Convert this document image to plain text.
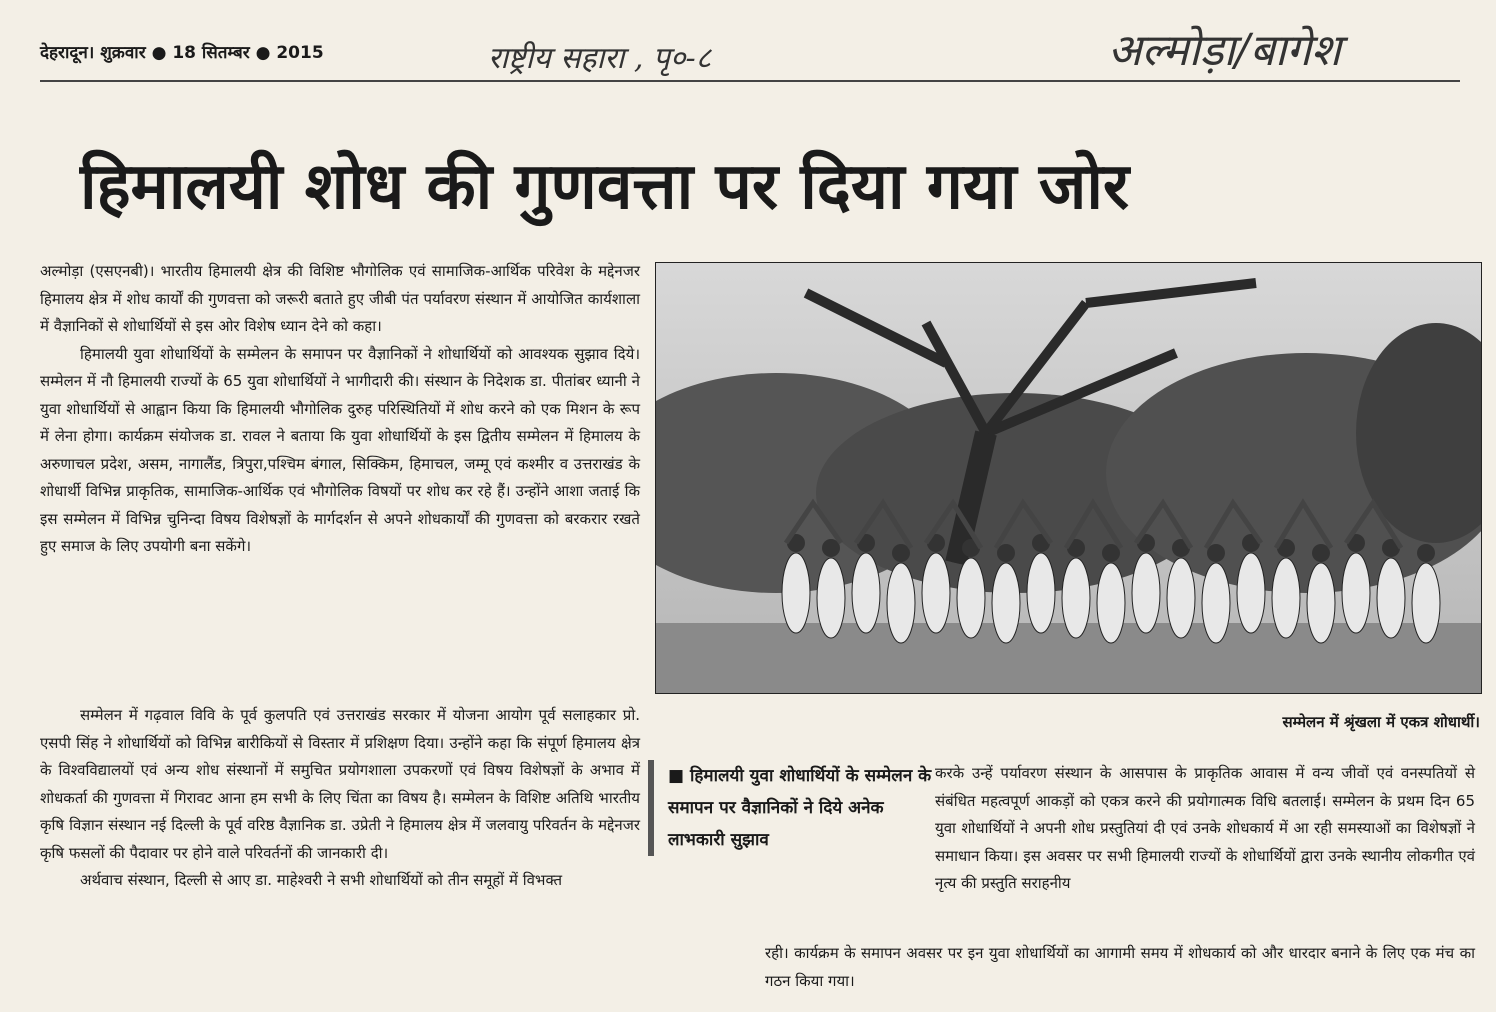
देहरादून। शुक्रवार ● 18 सितम्बर ● 2015	राष्ट्रीय सहारा , पृ०-८	अल्मोड़ा/बागेश
हिमालयी शोध की गुणवत्ता पर दिया गया जोर

अल्मोड़ा (एसएनबी)। भारतीय हिमालयी क्षेत्र की विशिष्ट भौगोलिक एवं सामाजिक-आर्थिक परिवेश के मद्देनजर हिमालय क्षेत्र में शोध कार्यों की गुणवत्ता को जरूरी बताते हुए जीबी पंत पर्यावरण संस्थान में आयोजित कार्यशाला में वैज्ञानिकों से शोधार्थियों से इस ओर विशेष ध्यान देने को कहा।

हिमालयी युवा शोधार्थियों के सम्मेलन के समापन पर वैज्ञानिकों ने शोधार्थियों को आवश्यक सुझाव दिये। सम्मेलन में नौ हिमालयी राज्यों के 65 युवा शोधार्थियों ने भागीदारी की। संस्थान के निदेशक डा. पीतांबर ध्यानी ने युवा शोधार्थियों से आह्वान किया कि हिमालयी भौगोलिक दुरुह परिस्थितियों में शोध करने को एक मिशन के रूप में लेना होगा। कार्यक्रम संयोजक डा. रावल ने बताया कि युवा शोधार्थियों के इस द्वितीय सम्मेलन में हिमालय के अरुणाचल प्रदेश, असम, नागालैंड, त्रिपुरा,पश्चिम बंगाल, सिक्किम, हिमाचल, जम्मू एवं कश्मीर व उत्तराखंड के शोधार्थी विभिन्न प्राकृतिक, सामाजिक-आर्थिक एवं भौगोलिक विषयों पर शोध कर रहे हैं। उन्होंने आशा जताई कि इस सम्मेलन में विभिन्न चुनिन्दा विषय विशेषज्ञों के मार्गदर्शन से अपने शोधकार्यों की गुणवत्ता को बरकरार रखते हुए समाज के लिए उपयोगी बना सकेंगे।

सम्मेलन में श्रृंखला में एकत्र शोधार्थी।

सम्मेलन में गढ़वाल विवि के पूर्व कुलपति एवं उत्तराखंड सरकार में योजना आयोग पूर्व सलाहकार प्रो. एसपी सिंह ने शोधार्थियों को विभिन्न बारीकियों से विस्तार में प्रशिक्षण दिया। उन्होंने कहा कि संपूर्ण हिमालय क्षेत्र के विश्वविद्यालयों एवं अन्य शोध संस्थानों में समुचित प्रयोगशाला उपकरणों एवं विषय विशेषज्ञों के अभाव में शोधकर्ता की गुणवत्ता में गिरावट आना हम सभी के लिए चिंता का विषय है। सम्मेलन के विशिष्ट अतिथि भारतीय कृषि विज्ञान संस्थान नई दिल्ली के पूर्व वरिष्ठ वैज्ञानिक डा. उप्रेती ने हिमालय क्षेत्र में जलवायु परिवर्तन के मद्देनजर कृषि फसलों की पैदावार पर होने वाले परिवर्तनों की जानकारी दी।

अर्थवाच संस्थान, दिल्ली से आए डा. माहेश्वरी ने सभी शोधार्थियों को तीन समूहों में विभक्त

■ हिमालयी युवा शोधार्थियों के सम्मेलन के समापन पर वैज्ञानिकों ने दिये अनेक लाभकारी सुझाव

करके उन्हें पर्यावरण संस्थान के आसपास के प्राकृतिक आवास में वन्य जीवों एवं वनस्पतियों से संबंधित महत्वपूर्ण आकड़ों को एकत्र करने की प्रयोगात्मक विधि बतलाई। सम्मेलन के प्रथम दिन 65 युवा शोधार्थियों ने अपनी शोध प्रस्तुतियां दी एवं उनके शोधकार्य में आ रही समस्याओं का विशेषज्ञों ने समाधान किया। इस अवसर पर सभी हिमालयी राज्यों के शोधार्थियों द्वारा उनके स्थानीय लोकगीत एवं नृत्य की प्रस्तुति सराहनीय

रही। कार्यक्रम के समापन अवसर पर इन युवा शोधार्थियों का आगामी समय में शोधकार्य को और धारदार बनाने के लिए एक मंच का गठन किया गया।
